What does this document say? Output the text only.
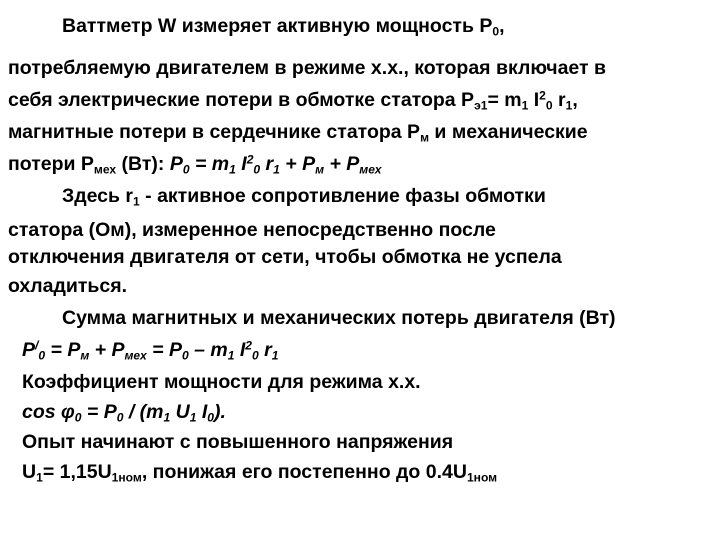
Ваттметр W измеряет активную мощность $P_0$,
потребляемую двигателем в режиме х.х., которая включает в
себя электрические потери в обмотке статора $P_{э1}= m_1$ $I^2_0$ $r_1$,
магнитные потери в сердечнике статора $P_м$ и механические
потери $P_{мех}$ (Вт): $P_0 = m_1$ $I^2_0$ $r_1 + P_м + P_{мех}$
Здесь $r_1$ - активное сопротивление фазы обмотки
статора (Ом), измеренное непосредственно после
отключения двигателя от сети, чтобы обмотка не успела
охладиться.
Сумма магнитных и механических потерь двигателя (Вт)
$P^/_0 = P_м + P_{мех} = P_0 - m_1$ $I^2_0$ $r_1$
Коэффициент мощности для режима х.х.
$\cos \varphi_0 = P_0 / (m_1$ $U_1$ $I_0$).
Опыт начинают с повышенного напряжения
$U_1= 1,15U_{1ном}$, понижая его постепенно до $0.4U_{1ном}$
